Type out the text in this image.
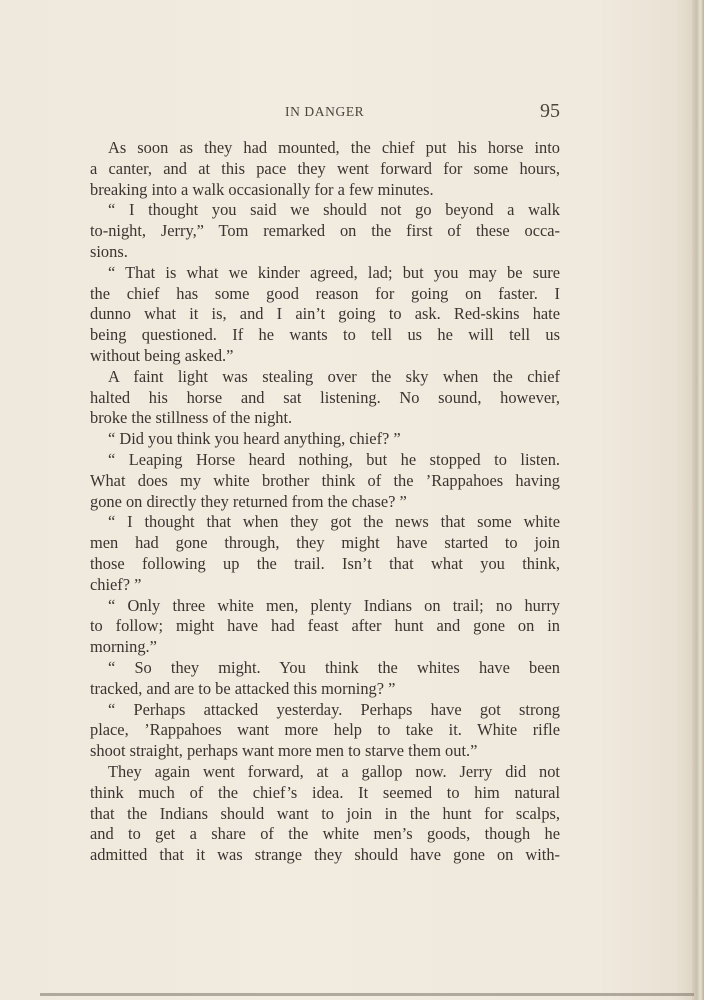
IN DANGER	95

As soon as they had mounted, the chief put his horse into

a canter, and at this pace they went forward for some hours,

breaking into a walk occasionally for a few minutes.

“ I thought you said we should not go beyond a walk

to-night, Jerry,” Tom remarked on the first of these occa-

sions.

“ That is what we kinder agreed, lad; but you may be sure

the chief has some good reason for going on faster. I

dunno what it is, and I ain’t going to ask. Red-skins hate

being questioned. If he wants to tell us he will tell us

without being asked.”

A faint light was stealing over the sky when the chief

halted his horse and sat listening. No sound, however,

broke the stillness of the night.

“ Did you think you heard anything, chief? ”

“ Leaping Horse heard nothing, but he stopped to listen.

What does my white brother think of the ’Rappahoes having

gone on directly they returned from the chase? ”

“ I thought that when they got the news that some white

men had gone through, they might have started to join

those following up the trail. Isn’t that what you think,

chief? ”

“ Only three white men, plenty Indians on trail; no hurry

to follow; might have had feast after hunt and gone on in

morning.”

“ So they might. You think the whites have been

tracked, and are to be attacked this morning? ”

“ Perhaps attacked yesterday. Perhaps have got strong

place, ’Rappahoes want more help to take it. White rifle

shoot straight, perhaps want more men to starve them out.”

They again went forward, at a gallop now. Jerry did not

think much of the chief’s idea. It seemed to him natural

that the Indians should want to join in the hunt for scalps,

and to get a share of the white men’s goods, though he

admitted that it was strange they should have gone on with-
